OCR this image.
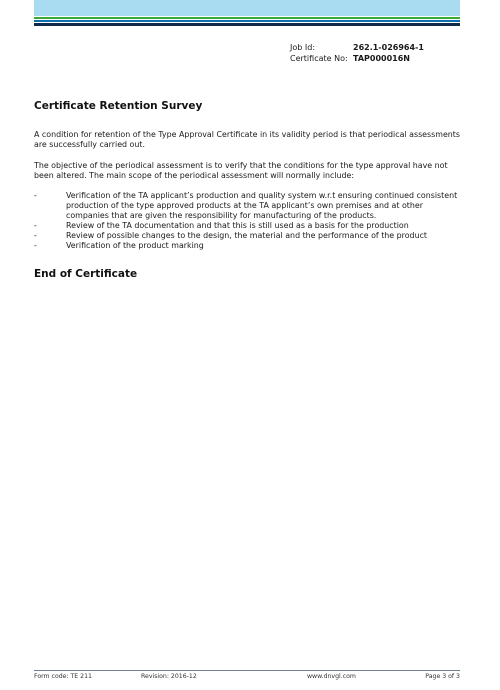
Job Id:	262.1-026964-1
Certificate No: TAP000016N
Certificate Retention Survey

A condition for retention of the Type Approval Certificate in its validity period is that periodical assessments are successfully carried out.

The objective of the periodical assessment is to verify that the conditions for the type approval have not been altered. The main scope of the periodical assessment will normally include:

-	Verification of the TA applicant’s production and quality system w.r.t ensuring continued consistent production of the type approved products at the TA applicant’s own premises and at other companies that are given the responsibility for manufacturing of the products.
-	Review of the TA documentation and that this is still used as a basis for the production
-	Review of possible changes to the design, the material and the performance of the product
-	Verification of the product marking
End of Certificate
Form code: TE 211	Revision: 2016-12	www.dnvgl.com	Page 3 of 3
